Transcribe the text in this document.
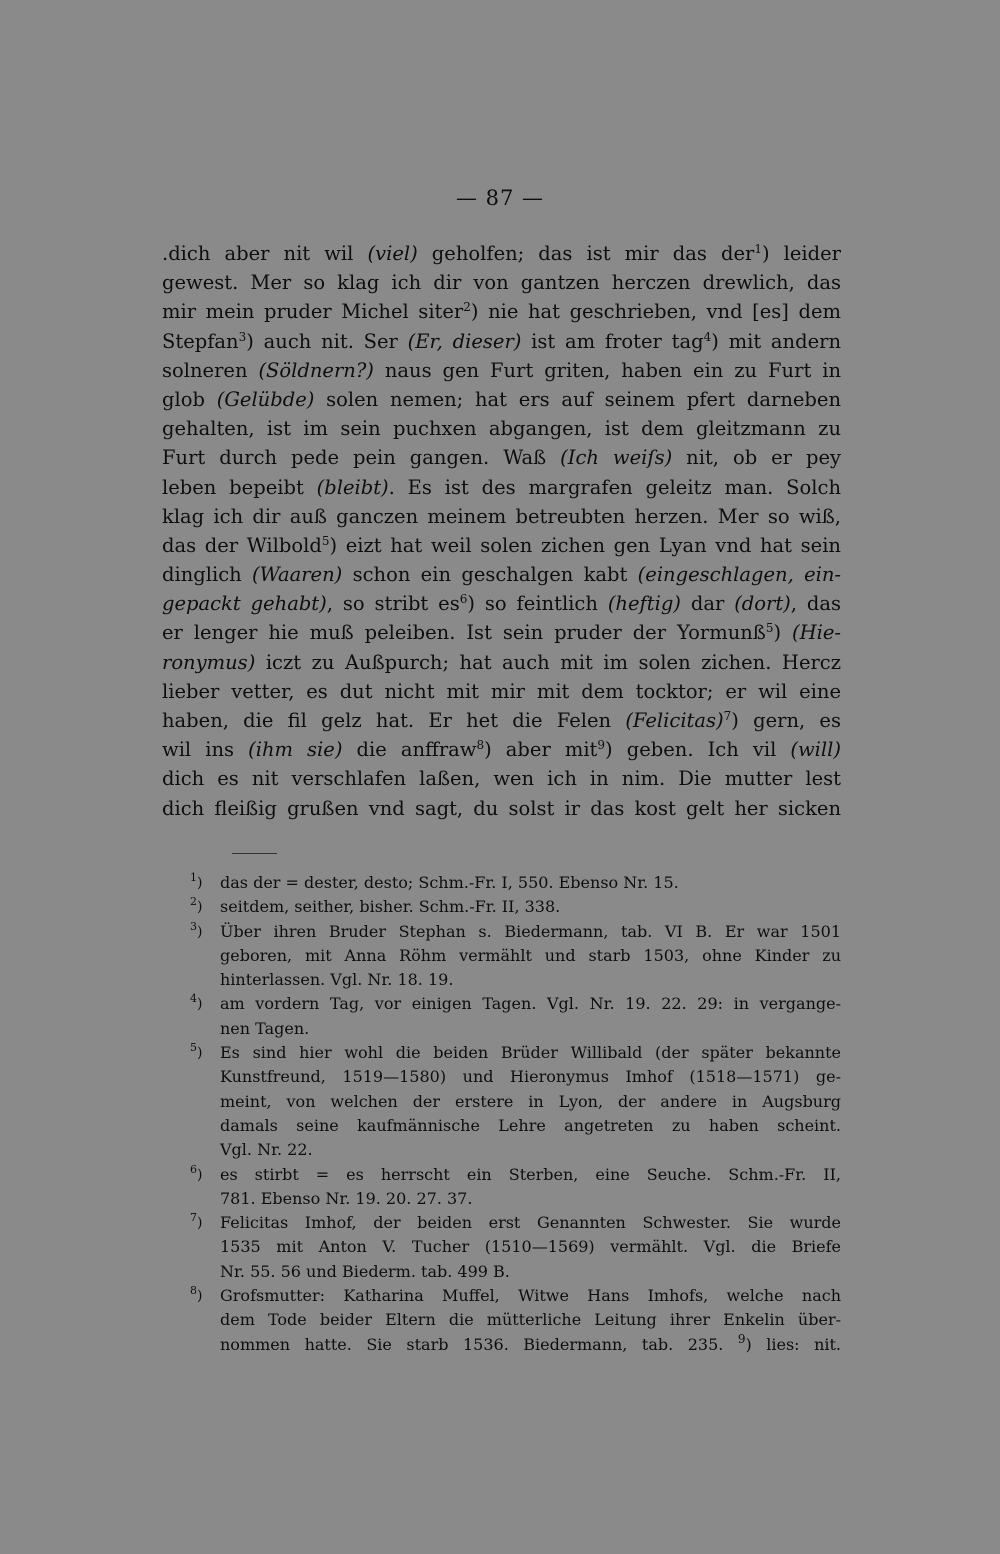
— 87 —
.dich aber nit wil (viel) geholfen; das ist mir das der$^1$) leider
gewest. Mer so klag ich dir von gantzen herczen drewlich, das
mir mein pruder Michel siter$^2$) nie hat geschrieben, vnd [es] dem
Stepfan$^3$) auch nit. Ser (Er, dieser) ist am froter tag$^4$) mit andern
solneren (Söldnern?) naus gen Furt griten, haben ein zu Furt in
glob (Gelübde) solen nemen; hat ers auf seinem pfert darneben
gehalten, ist im sein puchxen abgangen, ist dem gleitzmann zu
Furt durch pede pein gangen. Waß (Ich weiſs) nit, ob er pey
leben bepeibt (bleibt). Es ist des margrafen geleitz man. Solch
klag ich dir auß ganczen meinem betreubten herzen. Mer so wiß,
das der Wilbold$^5$) eizt hat weil solen zichen gen Lyan vnd hat sein
dinglich (Waaren) schon ein geschalgen kabt (eingeschlagen, ein-
gepackt gehabt), so stribt $es^6$) so feintlich (heftig) dar (dort), das
er lenger hie muß peleiben. Ist sein pruder der Yormunß$^5$) (Hie-
ronymus) iczt zu Außpurch; hat auch mit im solen zichen. Hercz
lieber vetter, es dut nicht mit mir mit dem tocktor; er wil eine
haben, die fil gelz hat. Er het die Felen (Felicitas)$^7$) gern, es
wil ins (ihm sie) die anffraw$^8$) aber mit$^9$) geben. Ich vil (will)
dich es nit verschlafen laßen, wen ich in nim. Die mutter lest
dich fleißig grußen vnd sagt, du solst ir das kost gelt her sicken
$^1$) das der = dester, desto; Schm.-Fr. I, 550. Ebenso Nr. 15.
$^2$) seitdem, seither, bisher. Schm.-Fr. II, 338.
$^3$) Über ihren Bruder Stephan s. Biedermann, tab. VI B. Er war 1501
geboren, mit Anna Röhm vermählt und starb 1503, ohne Kinder zu
hinterlassen. Vgl. Nr. 18. 19.
$^4$) am vordern Tag, vor einigen Tagen. Vgl. Nr. 19. 22. 29: in vergange-
nen Tagen.
$^5$) Es sind hier wohl die beiden Brüder Willibald (der später bekannte
Kunstfreund, 1519—1580) und Hieronymus Imhof (1518—1571) ge-
meint, von welchen der erstere in Lyon, der andere in Augsburg
damals seine kaufmännische Lehre angetreten zu haben scheint.
Vgl. Nr. 22.
$^6$) es stirbt = es herrscht ein Sterben, eine Seuche. Schm.-Fr. II,
781. Ebenso Nr. 19. 20. 27. 37.
$^7$) Felicitas Imhof, der beiden erst Genannten Schwester. Sie wurde
1535 mit Anton V. Tucher (1510—1569) vermählt. Vgl. die Briefe
Nr. 55. 56 und Biederm. tab. 499 B.
$^8$) Grofsmutter: Katharina Muffel, Witwe Hans Imhofs, welche nach
dem Tode beider Eltern die mütterliche Leitung ihrer Enkelin über-
nommen hatte. Sie starb 1536. Biedermann, tab. 235. $^9$) lies: nit.
